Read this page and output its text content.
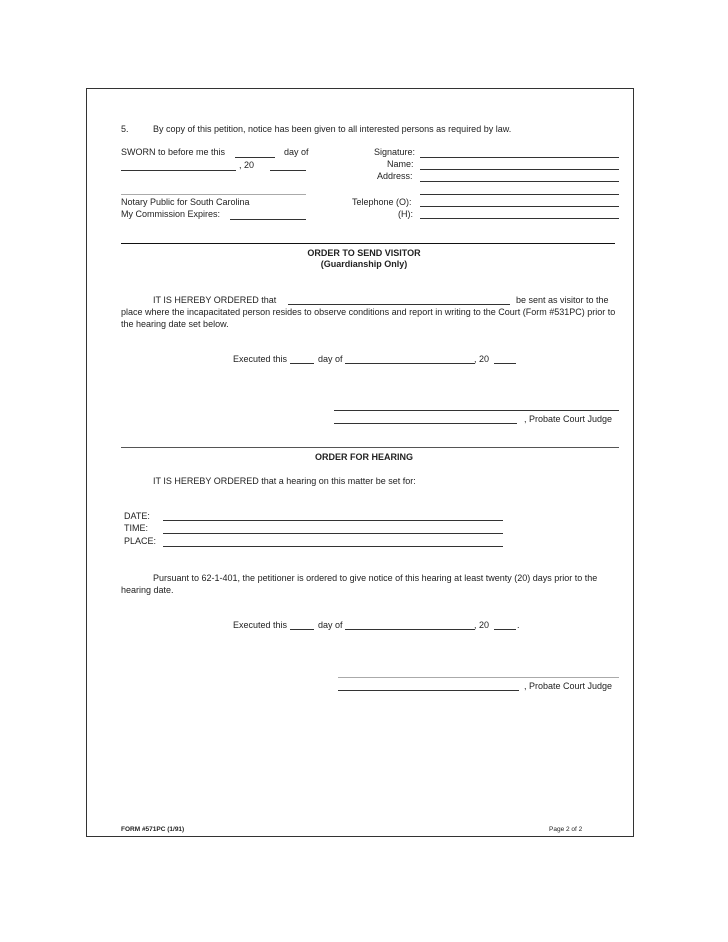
5.	By copy of this petition, notice has been given to all interested persons as required by law.
SWORN to before me this	day of
, 20
Notary Public for South Carolina
My Commission Expires:
Signature:
Name:
Address:
Telephone (O):
(H):
ORDER TO SEND VISITOR
(Guardianship Only)
IT IS HEREBY ORDERED that	be sent as visitor to the
place where the incapacitated person resides to observe conditions and report in writing to the Court (Form #531PC) prior to the hearing date set below.
Executed this	day of	, 20
, Probate Court Judge
ORDER FOR HEARING
IT IS HEREBY ORDERED that a hearing on this matter be set for:
DATE:
TIME:
PLACE:
Pursuant to 62-1-401, the petitioner is ordered to give notice of this hearing at least twenty (20) days prior to the hearing date.
Executed this	day of	, 20	.
, Probate Court Judge
FORM #571PC (1/91)	Page 2 of 2
